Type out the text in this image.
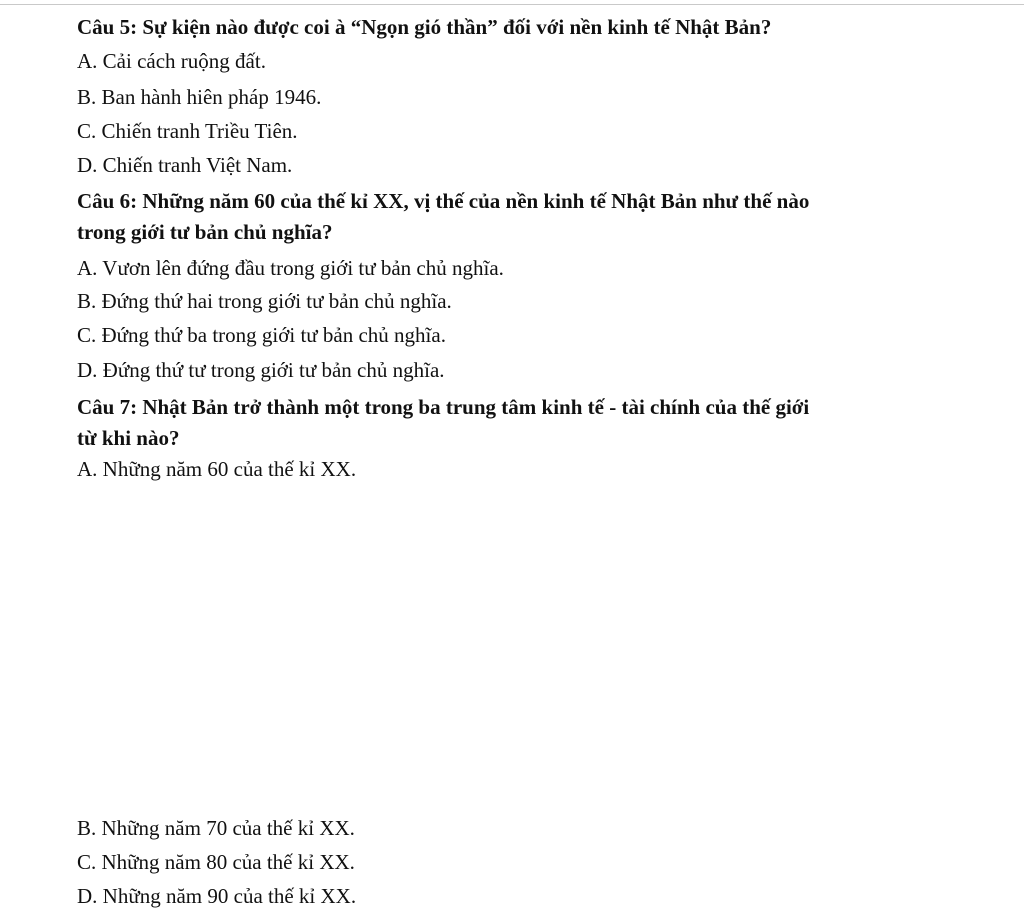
Câu 5: Sự kiện nào được coi à “Ngọn gió thần” đối với nền kinh tế Nhật Bản?
A. Cải cách ruộng đất.
B. Ban hành hiên pháp 1946.
C. Chiến tranh Triều Tiên.
D. Chiến tranh Việt Nam.
Câu 6: Những năm 60 của thế kỉ XX, vị thế của nền kinh tế Nhật Bản như thế nào
trong giới tư bản chủ nghĩa?
A. Vươn lên đứng đầu trong giới tư bản chủ nghĩa.
B. Đứng thứ hai trong giới tư bản chủ nghĩa.
C. Đứng thứ ba trong giới tư bản chủ nghĩa.
D. Đứng thứ tư trong giới tư bản chủ nghĩa.
Câu 7: Nhật Bản trở thành một trong ba trung tâm kinh tế - tài chính của thế giới
từ khi nào?
A. Những năm 60 của thế kỉ XX.
B. Những năm 70 của thế kỉ XX.
C. Những năm 80 của thế kỉ XX.
D. Những năm 90 của thế kỉ XX.
